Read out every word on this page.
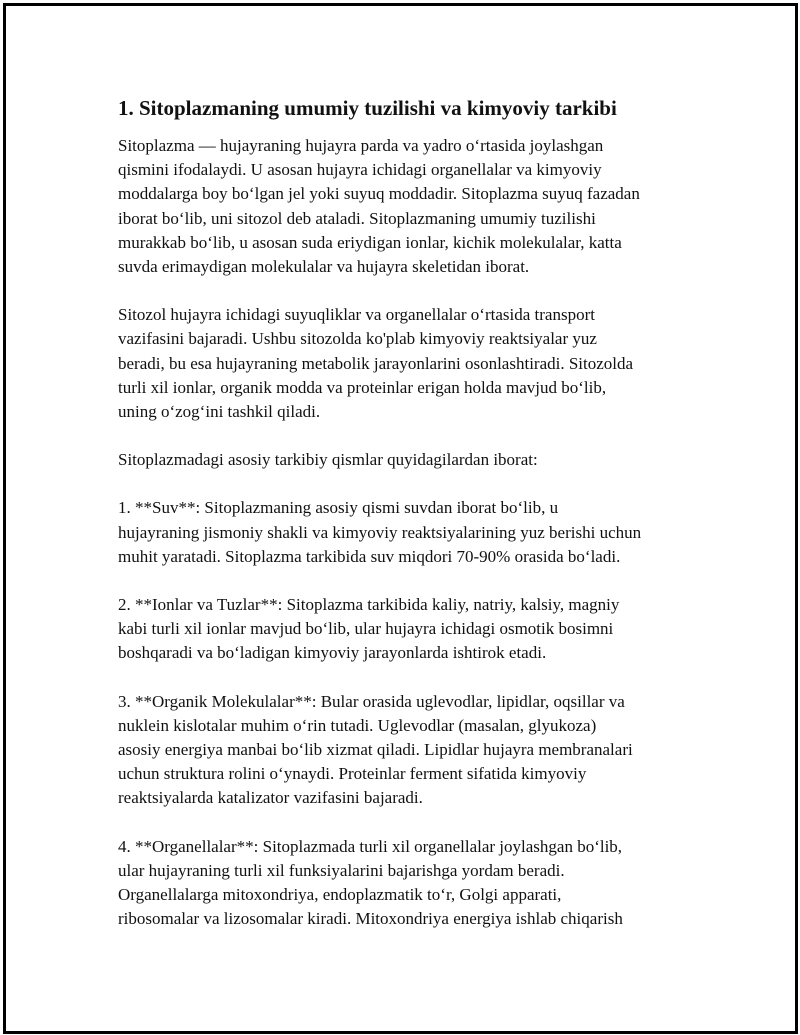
1. Sitoplazmaning umumiy tuzilishi va kimyoviy tarkibi

Sitoplazma — hujayraning hujayra parda va yadro oʻrtasida joylashgan
qismini ifodalaydi. U asosan hujayra ichidagi organellalar va kimyoviy
moddalarga boy boʻlgan jel yoki suyuq moddadir. Sitoplazma suyuq fazadan
iborat boʻlib, uni sitozol deb ataladi. Sitoplazmaning umumiy tuzilishi
murakkab boʻlib, u asosan suda eriydigan ionlar, kichik molekulalar, katta
suvda erimaydigan molekulalar va hujayra skeletidan iborat.

Sitozol hujayra ichidagi suyuqliklar va organellalar oʻrtasida transport
vazifasini bajaradi. Ushbu sitozolda ko'plab kimyoviy reaktsiyalar yuz
beradi, bu esa hujayraning metabolik jarayonlarini osonlashtiradi. Sitozolda
turli xil ionlar, organik modda va proteinlar erigan holda mavjud boʻlib,
uning oʻzogʻini tashkil qiladi.

Sitoplazmadagi asosiy tarkibiy qismlar quyidagilardan iborat:

1. **Suv**: Sitoplazmaning asosiy qismi suvdan iborat boʻlib, u
hujayraning jismoniy shakli va kimyoviy reaktsiyalarining yuz berishi uchun
muhit yaratadi. Sitoplazma tarkibida suv miqdori 70-90% orasida boʻladi.

2. **Ionlar va Tuzlar**: Sitoplazma tarkibida kaliy, natriy, kalsiy, magniy
kabi turli xil ionlar mavjud boʻlib, ular hujayra ichidagi osmotik bosimni
boshqaradi va boʻladigan kimyoviy jarayonlarda ishtirok etadi.

3. **Organik Molekulalar**: Bular orasida uglevodlar, lipidlar, oqsillar va
nuklein kislotalar muhim oʻrin tutadi. Uglevodlar (masalan, glyukoza)
asosiy energiya manbai boʻlib xizmat qiladi. Lipidlar hujayra membranalari
uchun struktura rolini oʻynaydi. Proteinlar ferment sifatida kimyoviy
reaktsiyalarda katalizator vazifasini bajaradi.

4. **Organellalar**: Sitoplazmada turli xil organellalar joylashgan boʻlib,
ular hujayraning turli xil funksiyalarini bajarishga yordam beradi.
Organellalarga mitoxondriya, endoplazmatik toʻr, Golgi apparati,
ribosomalar va lizosomalar kiradi. Mitoxondriya energiya ishlab chiqarish
